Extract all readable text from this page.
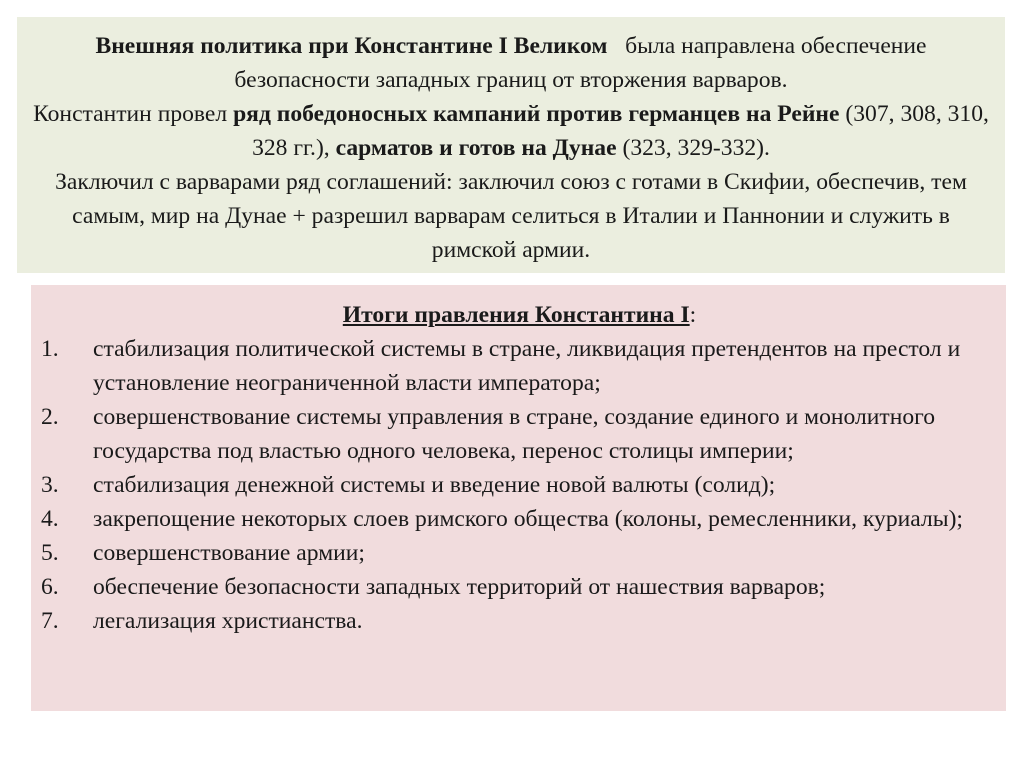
Внешняя политика при Константине I Великом   была направлена обеспечение безопасности западных границ от вторжения варваров.

Константин провел ряд победоносных кампаний против германцев на Рейне (307, 308, 310, 328 гг.), сарматов и готов на Дунае (323, 329-332).

Заключил с варварами ряд соглашений: заключил союз с готами в Скифии, обеспечив, тем самым, мир на Дунае + разрешил варварам селиться в Италии и Паннонии и служить в римской армии.

Итоги правления Константина I:

1.	стабилизация политической системы в стране, ликвидация претендентов на престол и установление неограниченной власти императора;
2.	совершенствование системы управления в стране, создание единого и монолитного государства под властью одного человека, перенос столицы империи;
3.	стабилизация денежной системы и введение новой валюты (солид);
4.	закрепощение некоторых слоев римского общества (колоны, ремесленники, куриалы);
5.	совершенствование армии;
6.	обеспечение безопасности западных территорий от нашествия варваров;
7.	легализация христианства.
